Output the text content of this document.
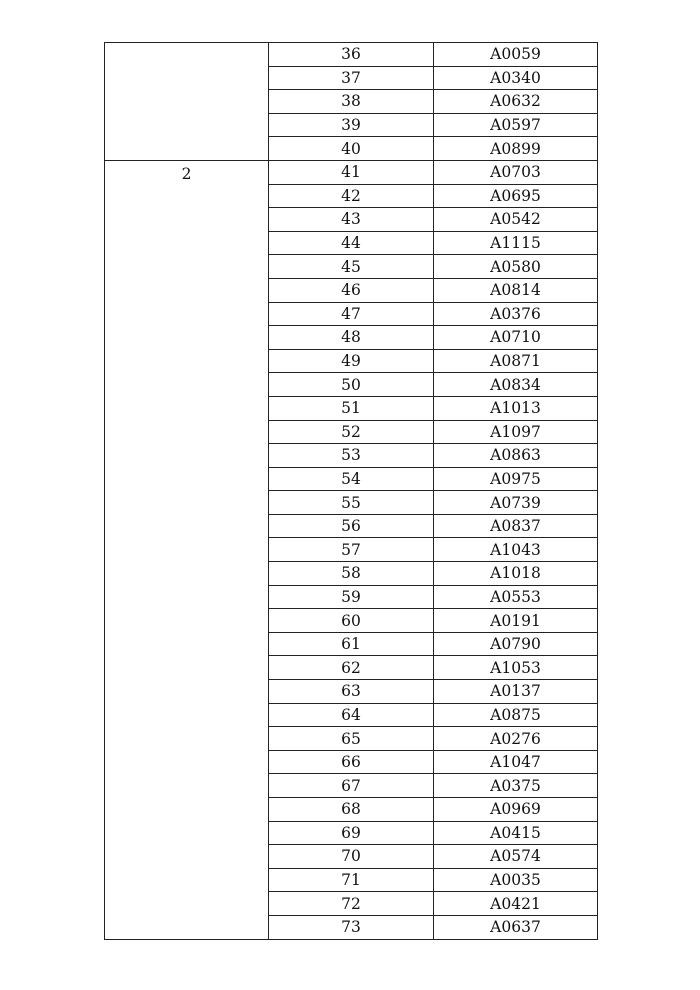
	36	A0059
	37	A0340
	38	A0632
	39	A0597
	40	A0899
2	41	A0703
	42	A0695
	43	A0542
	44	A1115
	45	A0580
	46	A0814
	47	A0376
	48	A0710
	49	A0871
	50	A0834
	51	A1013
	52	A1097
	53	A0863
	54	A0975
	55	A0739
	56	A0837
	57	A1043
	58	A1018
	59	A0553
	60	A0191
	61	A0790
	62	A1053
	63	A0137
	64	A0875
	65	A0276
	66	A1047
	67	A0375
	68	A0969
	69	A0415
	70	A0574
	71	A0035
	72	A0421
	73	A0637
